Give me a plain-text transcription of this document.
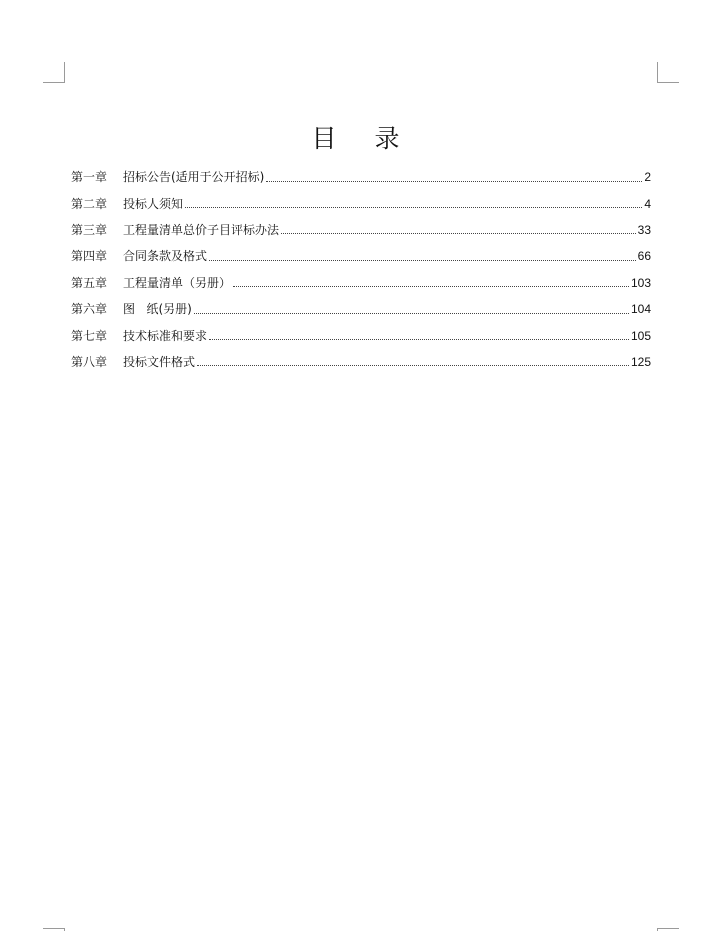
目 录
第一章	招标公告(适用于公开招标)	2
第二章	投标人须知	4
第三章	工程量清单总价子目评标办法	33
第四章	合同条款及格式	66
第五章	工程量清单（另册）	103
第六章	图   纸(另册)	104
第七章	技术标准和要求	105
第八章	投标文件格式	125
